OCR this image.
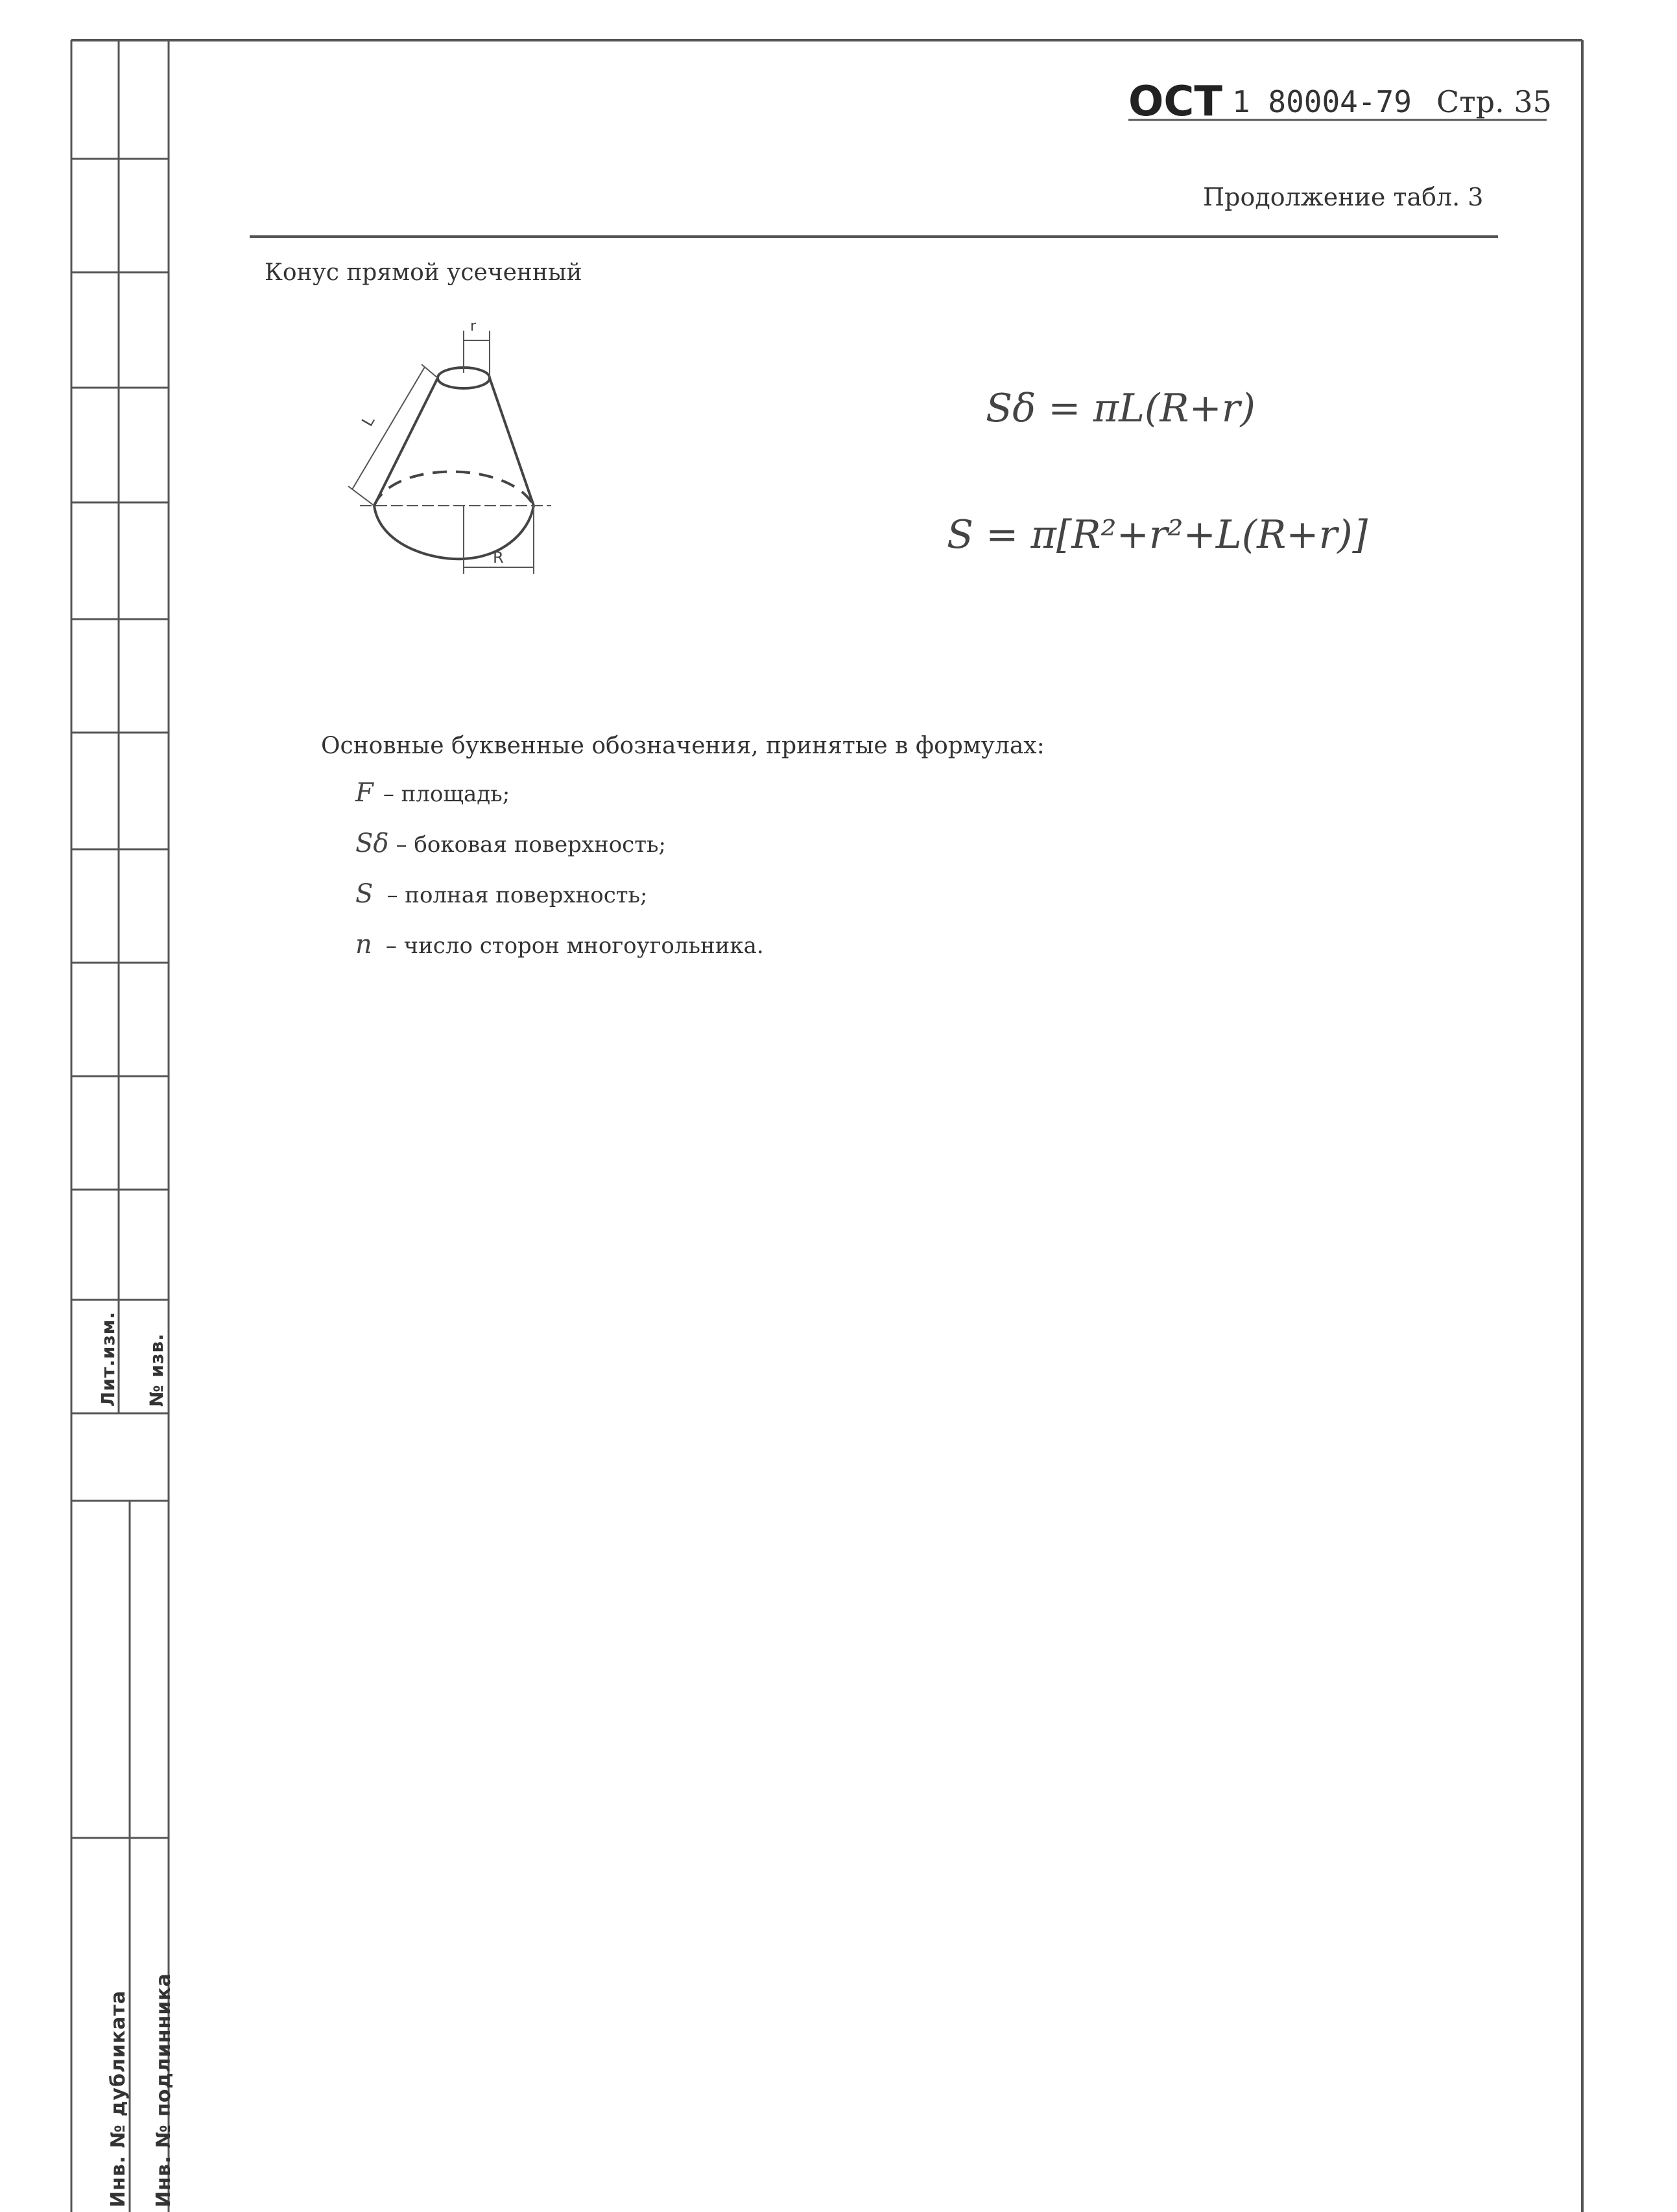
ОСТ 1 80004-79 Стр. 35
Продолжение табл. 3
Конус прямой усеченный
r
L
R
Sδ = πL(R+r)
S = π[R²+r²+L(R+r)]
Основные буквенные обозначения, принятые в формулах:
F – площадь;
Sδ – боковая поверхность;
S – полная поверхность;
n – число сторон многоугольника.
Лит.изм. № изв.
Инв. № дубликата Инв. № подлинника
